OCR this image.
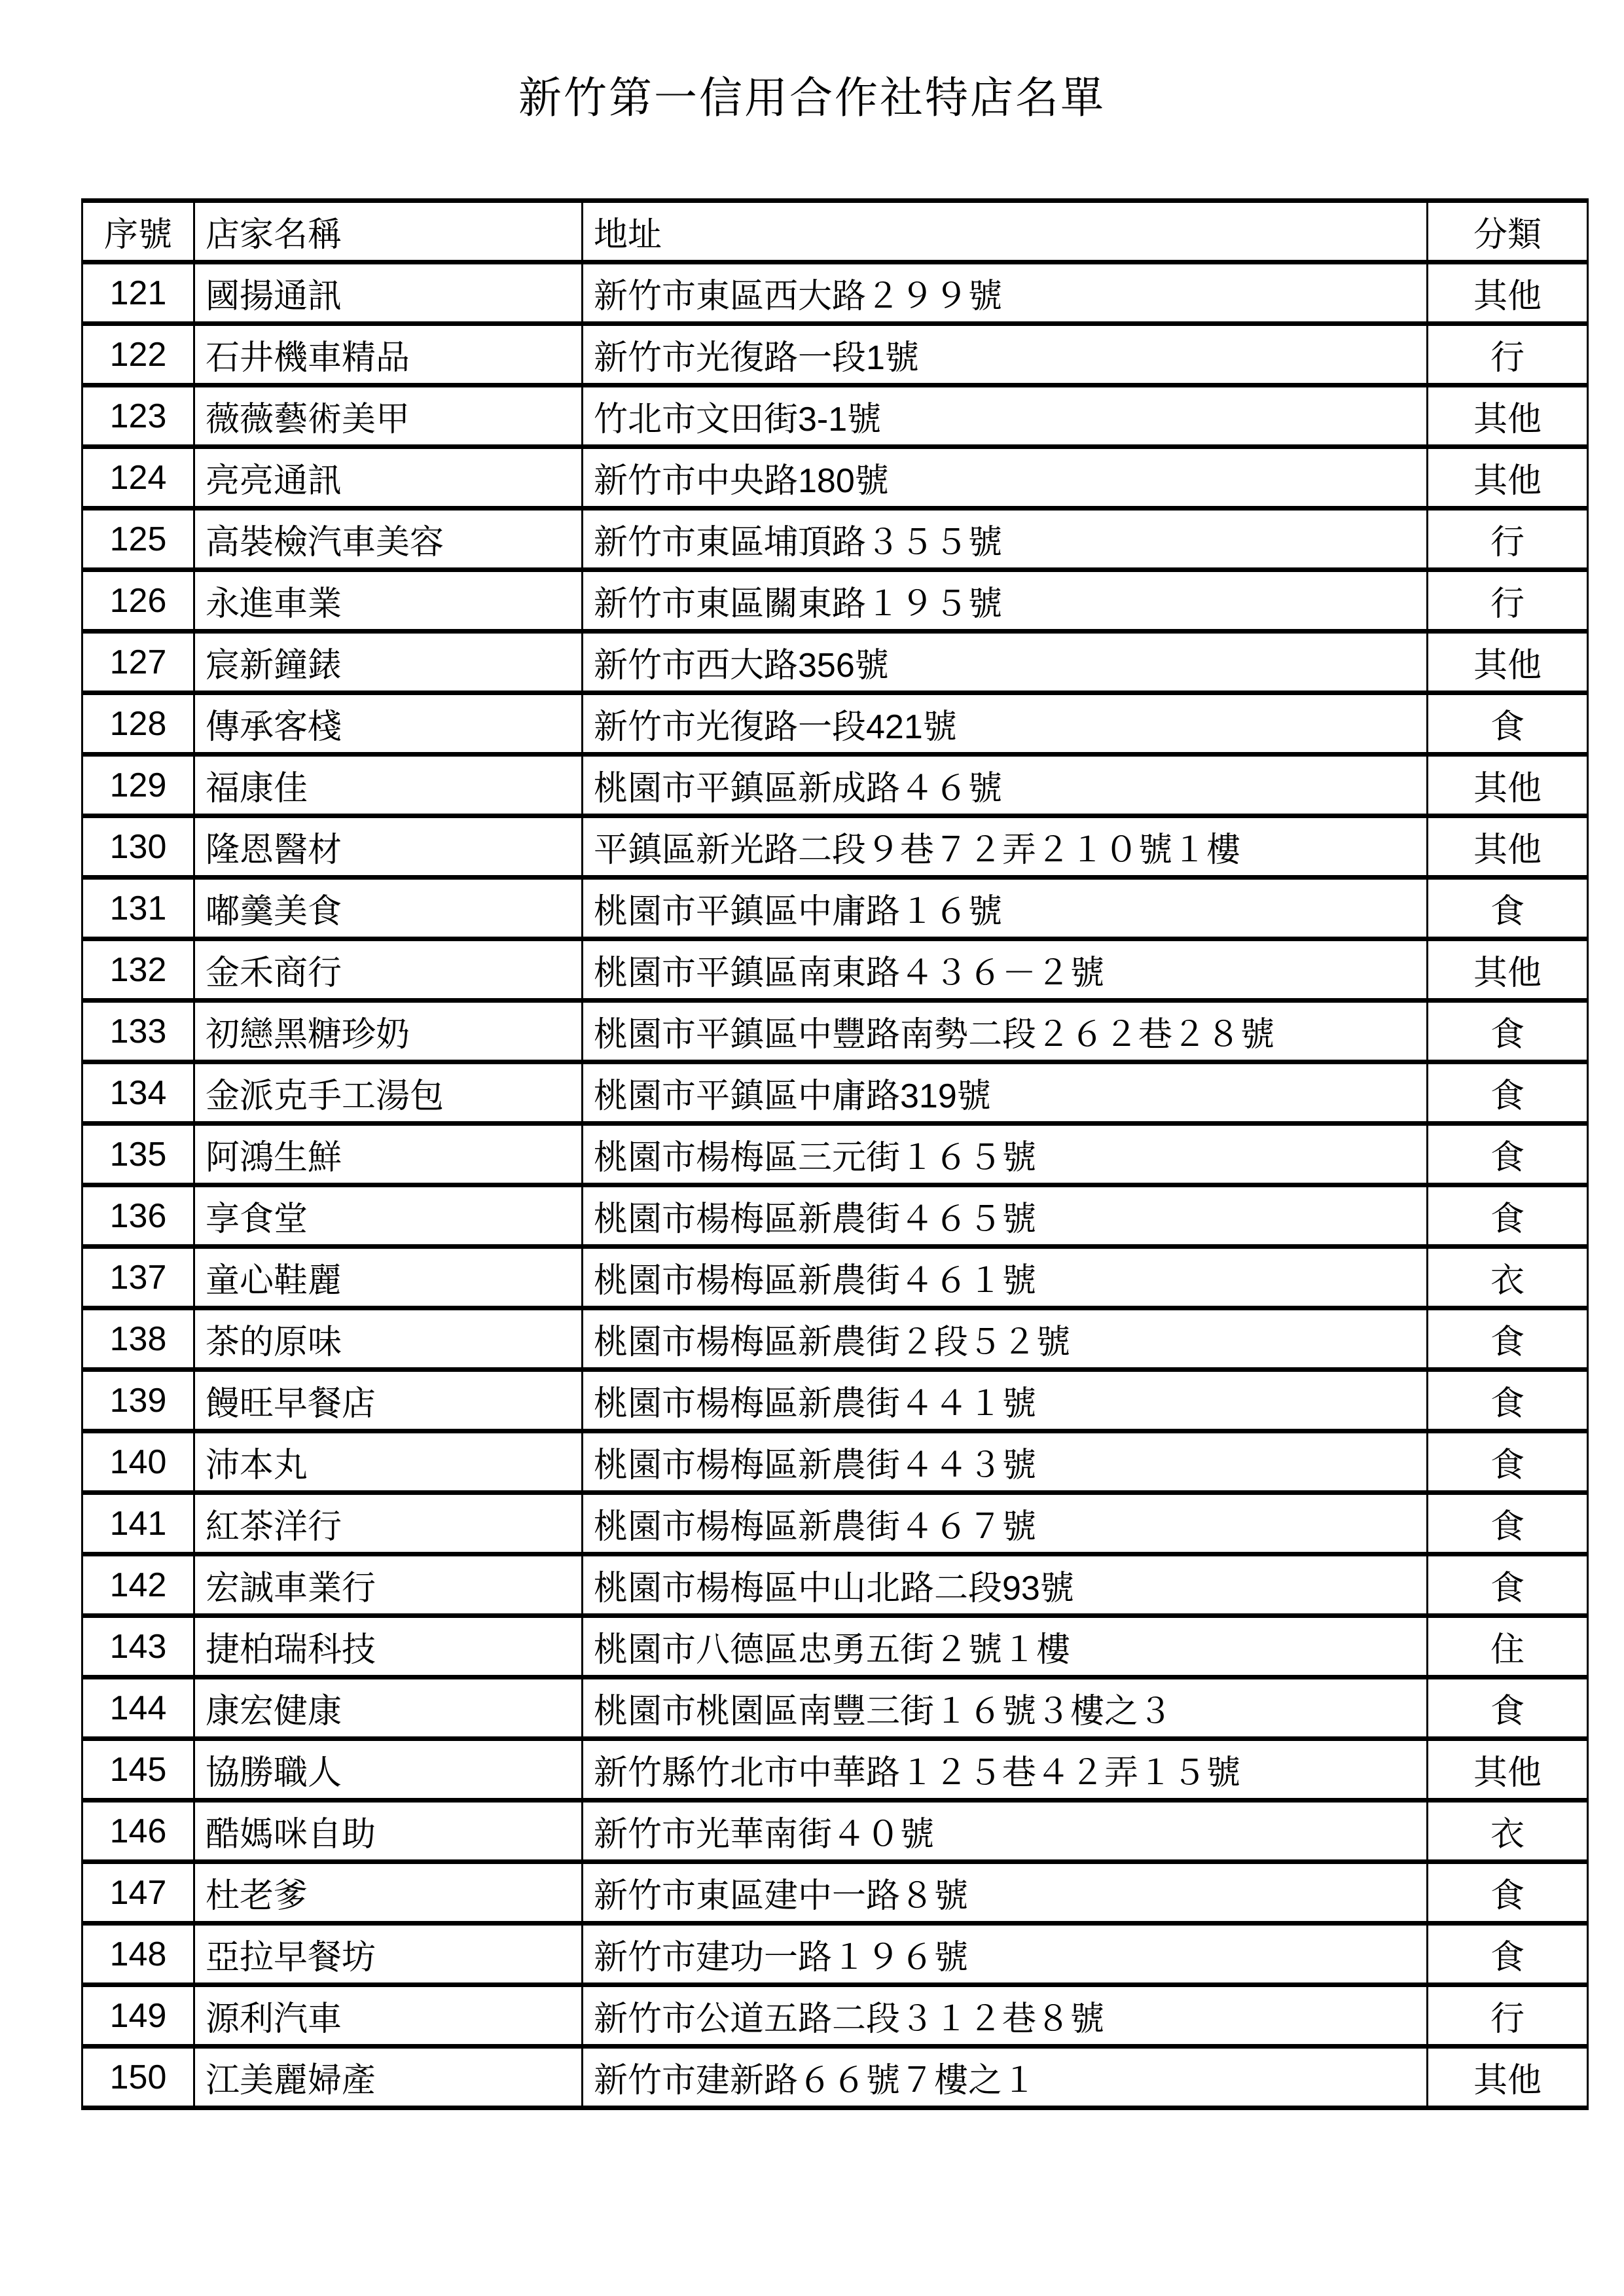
新竹第一信用合作社特店名單
序號	店家名稱	地址	分類
121	國揚通訊	新竹市東區西大路２９９號	其他
122	石井機車精品	新竹市光復路一段1號	行
123	薇薇藝術美甲	竹北市文田街3-1號	其他
124	亮亮通訊	新竹市中央路180號	其他
125	高裝檢汽車美容	新竹市東區埔頂路３５５號	行
126	永進車業	新竹市東區關東路１９５號	行
127	宸新鐘錶	新竹市西大路356號	其他
128	傳承客棧	新竹市光復路一段421號	食
129	福康佳	桃園市平鎮區新成路４６號	其他
130	隆恩醫材	平鎮區新光路二段９巷７２弄２１０號１樓	其他
131	嘟羹美食	桃園市平鎮區中庸路１６號	食
132	金禾商行	桃園市平鎮區南東路４３６－２號	其他
133	初戀黑糖珍奶	桃園市平鎮區中豐路南勢二段２６２巷２８號	食
134	金派克手工湯包	桃園市平鎮區中庸路319號	食
135	阿鴻生鮮	桃園市楊梅區三元街１６５號	食
136	享食堂	桃園市楊梅區新農街４６５號	食
137	童心鞋麗	桃園市楊梅區新農街４６１號	衣
138	茶的原味	桃園市楊梅區新農街２段５２號	食
139	饅旺早餐店	桃園市楊梅區新農街４４１號	食
140	沛本丸	桃園市楊梅區新農街４４３號	食
141	紅茶洋行	桃園市楊梅區新農街４６７號	食
142	宏誠車業行	桃園市楊梅區中山北路二段93號	食
143	捷柏瑞科技	桃園市八德區忠勇五街２號１樓	住
144	康宏健康	桃園市桃園區南豐三街１６號３樓之３	食
145	協勝職人	新竹縣竹北市中華路１２５巷４２弄１５號	其他
146	酷媽咪自助	新竹市光華南街４０號	衣
147	杜老爹	新竹市東區建中一路８號	食
148	亞拉早餐坊	新竹市建功一路１９６號	食
149	源利汽車	新竹市公道五路二段３１２巷８號	行
150	江美麗婦產	新竹市建新路６６號７樓之１	其他
